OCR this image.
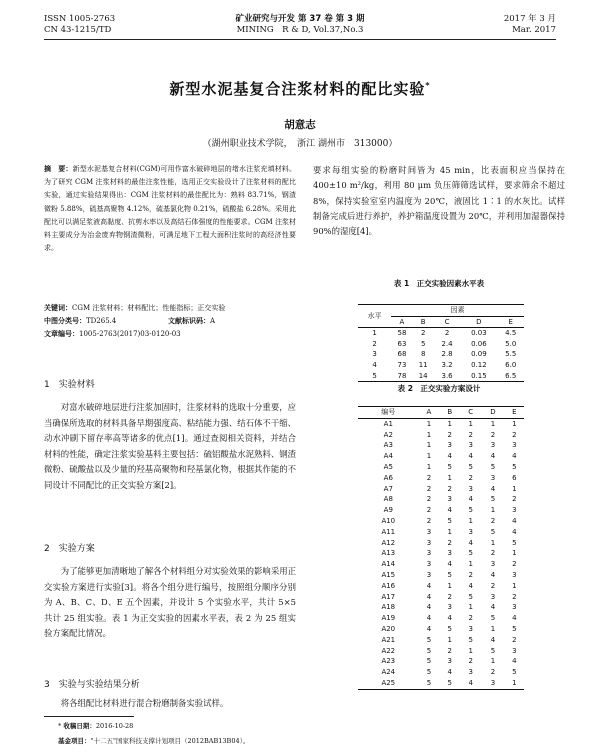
ISSN 1005-2763
CN 43-1215/TD
矿业研究与开发 第 37 卷 第 3 期
MINING　R & D, Vol.37,No.3
2017 年 3 月
Mar. 2017
新型水泥基复合注浆材料的配比实验*
胡意志
（湖州职业技术学院，　浙江 湖州市　313000）
摘　要：新型水泥基复合材料(CGM)可用作富水破碎地层的堵水注浆充填材料。为了研究 CGM 注浆材料的最佳注浆性能，选用正交实验设计了注浆材料的配比实验，通过实验结果得出：CGM 注浆材料的最佳配比为：熟料 83.71%，钢渣微粉 5.88%，硫基高聚物 4.12%，硫基氯化物 0.21%，硫酸盐 6.28%。采用此配比可以满足浆液高黏度、抗剪水率以及高结石体强度的性能要求。CGM 注浆材料主要成分为冶金废弃物钢渣微粉，可满足地下工程大面积注浆时的高经济性要求。
关键词：CGM 注浆材料；材料配比；性能指标；正交实验
中图分类号：TD265.4	文献标识码：A
文章编号：1005-2763(2017)03-0120-03
1　实验材料
对富水破碎地层进行注浆加固时，注浆材料的选取十分重要，应当确保所选取的材料具备早期强度高、粘结能力强、结石体不干缩、动水冲刷下留存率高等诸多的优点[1]。通过查阅相关资料，并结合材料的性能，确定注浆实验基料主要包括：硫铝酸盐水泥熟料、钢渣微粉、硫酸盐以及少量的羟基高聚物和羟基氯化物，根据其作能的不同设计不同配比的正交实验方案[2]。
2　实验方案
为了能够更加清晰地了解各个材料组分对实验效果的影响采用正交实验方案进行实验[3]。将各个组分进行编号，按照组分顺序分别为 A、B、C、D、E 五个因素，并设计 5 个实验水平，共计 5×5 共计 25 组实验。表 1 为正交实验的因素水平表，表 2 为 25 组实验方案配比情况。
3　实验与实验结果分析
将各组配比材料进行混合粉磨制备实验试样。
要求每组实验的粉磨时间皆为 45 min，比表面积应当保持在 400±10 m²/kg，利用 80 μm 负压筛筛选试样，要求筛余不超过 8%，保持实验室室内温度为 20℃，液固比 1∶1 的水灰比。试样制备完成后进行养护，养护箱温度设置为 20℃，并利用加湿器保持 90%的湿度[4]。
表 1　正交实验因素水平表
水平	因素				
	A	B	C	D	E
1	58	2	2	0.03	4.5
2	63	5	2.4	0.06	5.0
3	68	8	2.8	0.09	5.5
4	73	11	3.2	0.12	6.0
5	78	14	3.6	0.15	6.5
表 2　正交实验方案设计
编号	A	B	C	D	E
A1	1	1	1	1	1
A2	1	2	2	2	2
A3	1	3	3	3	3
A4	1	4	4	4	4
A5	1	5	5	5	5
A6	2	1	2	3	6
A7	2	2	3	4	1
A8	2	3	4	5	2
A9	2	4	5	1	3
A10	2	5	1	2	4
A11	3	1	3	5	4
A12	3	2	4	1	5
A13	3	3	5	2	1
A14	3	4	1	3	2
A15	3	5	2	4	3
A16	4	1	4	2	1
A17	4	2	5	3	2
A18	4	3	1	4	3
A19	4	4	2	5	4
A20	4	5	3	1	5
A21	5	1	5	4	2
A22	5	2	1	5	3
A23	5	3	2	1	4
A24	5	4	3	2	5
A25	5	5	4	3	1
* 收稿日期：2016-10-28
基金项目："十二五"国家科技支撑计划项目（2012BAB13B04）。
